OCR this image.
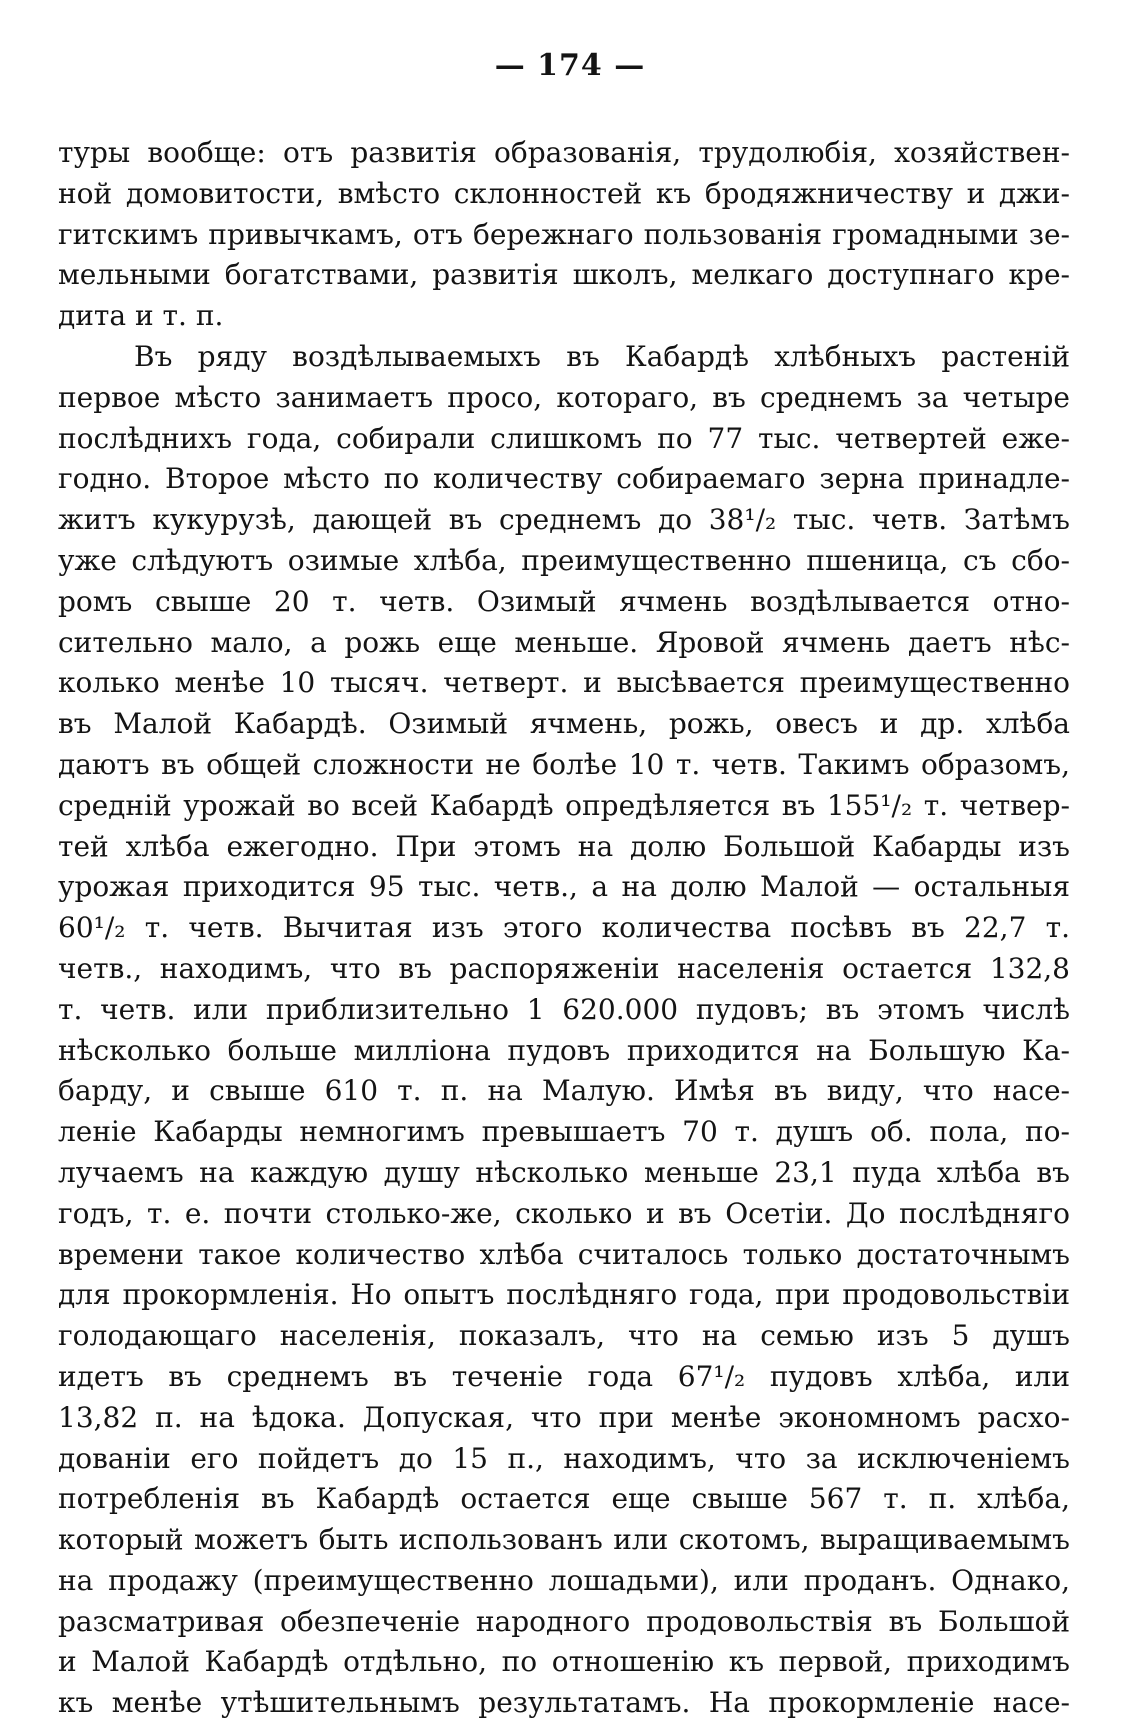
— 174 —
туры вообще: отъ развитія образованія, трудолюбія, хозяйствен-
ной домовитости, вмѣсто склонностей къ бродяжничеству и джи-
гитскимъ привычкамъ, отъ бережнаго пользованія громадными зе-
мельными богатствами, развитія школъ, мелкаго доступнаго кре-
дита и т. п.
Въ ряду воздѣлываемыхъ въ Кабардѣ хлѣбныхъ растеній
первое мѣсто занимаетъ просо, котораго, въ среднемъ за четыре
послѣднихъ года, собирали слишкомъ по 77 тыс. четвертей еже-
годно. Второе мѣсто по количеству собираемаго зерна принадле-
житъ кукурузѣ, дающей въ среднемъ до 38¹/₂ тыс. четв. Затѣмъ
уже слѣдуютъ озимые хлѣба, преимущественно пшеница, съ сбо-
ромъ свыше 20 т. четв. Озимый ячмень воздѣлывается отно-
сительно мало, а рожь еще меньше. Яровой ячмень даетъ нѣс-
колько менѣе 10 тысяч. четверт. и высѣвается преимущественно
въ Малой Кабардѣ. Озимый ячмень, рожь, овесъ и др. хлѣба
даютъ въ общей сложности не болѣе 10 т. четв. Такимъ образомъ,
средній урожай во всей Кабардѣ опредѣляется въ 155¹/₂ т. четвер-
тей хлѣба ежегодно. При этомъ на долю Большой Кабарды изъ
урожая приходится 95 тыс. четв., а на долю Малой — остальныя
60¹/₂ т. четв. Вычитая изъ этого количества посѣвъ въ 22,7 т.
четв., находимъ, что въ распоряженіи населенія остается 132,8
т. четв. или приблизительно 1 620.000 пудовъ; въ этомъ числѣ
нѣсколько больше милліона пудовъ приходится на Большую Ка-
барду, и свыше 610 т. п. на Малую. Имѣя въ виду, что насе-
леніе Кабарды немногимъ превышаетъ 70 т. душъ об. пола, по-
лучаемъ на каждую душу нѣсколько меньше 23,1 пуда хлѣба въ
годъ, т. е. почти столько-же, сколько и въ Осетіи. До послѣдняго
времени такое количество хлѣба считалось только достаточнымъ
для прокормленія. Но опытъ послѣдняго года, при продовольствіи
голодающаго населенія, показалъ, что на семью изъ 5 душъ
идетъ въ среднемъ въ теченіе года 67¹/₂ пудовъ хлѣба, или
13,82 п. на ѣдока. Допуская, что при менѣе экономномъ расхо-
дованіи его пойдетъ до 15 п., находимъ, что за исключеніемъ
потребленія въ Кабардѣ остается еще свыше 567 т. п. хлѣба,
который можетъ быть использованъ или скотомъ, выращиваемымъ
на продажу (преимущественно лошадьми), или проданъ. Однако,
разсматривая обезпеченіе народного продовольствія въ Большой
и Малой Кабардѣ отдѣльно, по отношенію къ первой, приходимъ
къ менѣе утѣшительнымъ результатамъ. На прокормленіе насе-
